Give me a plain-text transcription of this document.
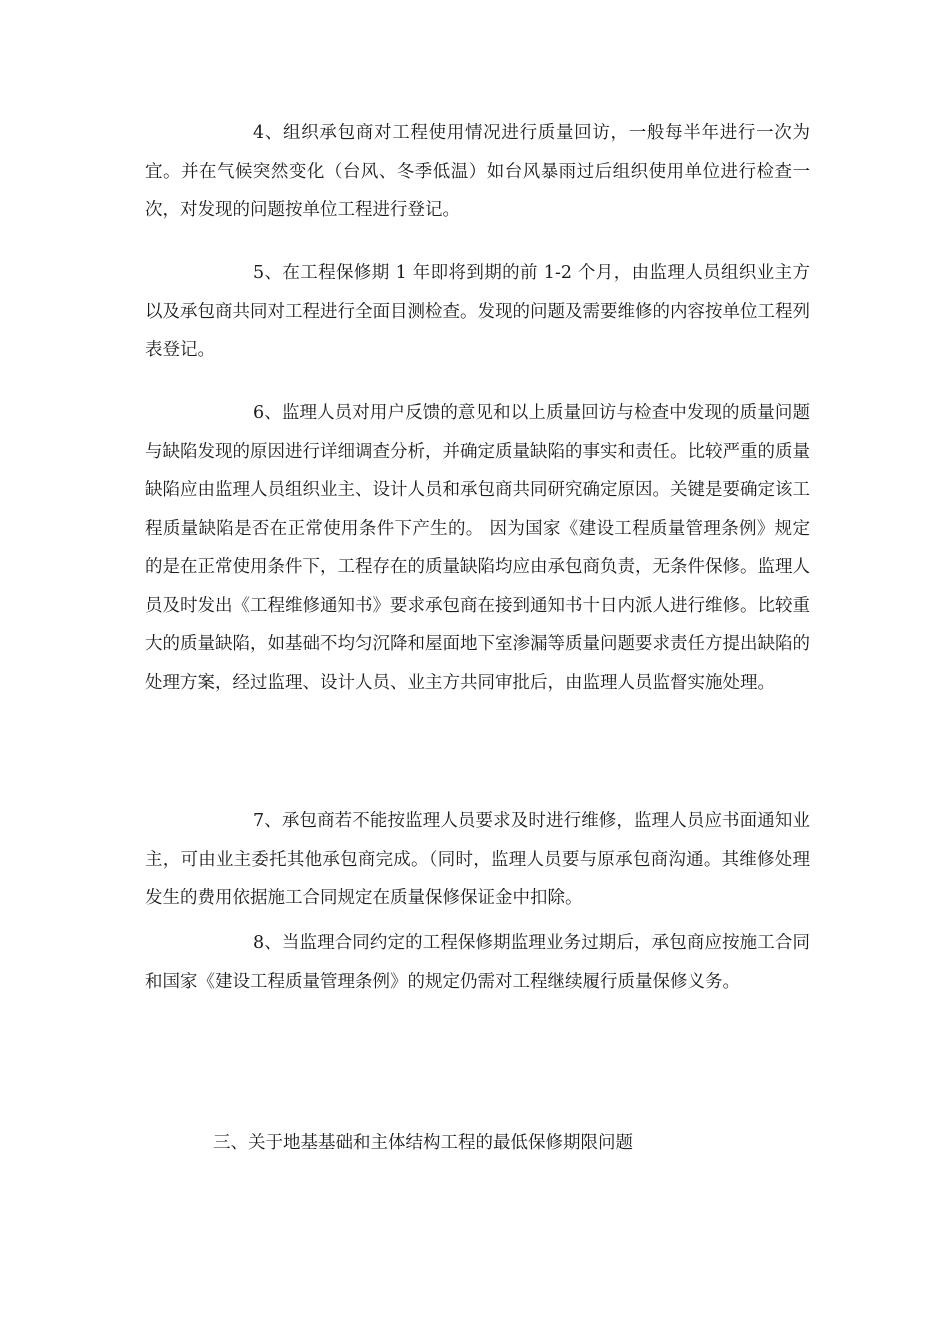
4、组织承包商对工程使用情况进行质量回访，一般每半年进行一次为宜。并在气候突然变化（台风、冬季低温）如台风暴雨过后组织使用单位进行检查一次，对发现的问题按单位工程进行登记。

5、在工程保修期 1 年即将到期的前 1-2 个月，由监理人员组织业主方以及承包商共同对工程进行全面目测检查。发现的问题及需要维修的内容按单位工程列表登记。

6、监理人员对用户反馈的意见和以上质量回访与检查中发现的质量问题与缺陷发现的原因进行详细调查分析，并确定质量缺陷的事实和责任。比较严重的质量缺陷应由监理人员组织业主、设计人员和承包商共同研究确定原因。关键是要确定该工程质量缺陷是否在正常使用条件下产生的。 因为国家《建设工程质量管理条例》规定的是在正常使用条件下，工程存在的质量缺陷均应由承包商负责，无条件保修。监理人员及时发出《工程维修通知书》要求承包商在接到通知书十日内派人进行维修。比较重大的质量缺陷，如基础不均匀沉降和屋面地下室渗漏等质量问题要求责任方提出缺陷的处理方案，经过监理、设计人员、业主方共同审批后，由监理人员监督实施处理。

7、承包商若不能按监理人员要求及时进行维修，监理人员应书面通知业主，可由业主委托其他承包商完成。（同时，监理人员要与原承包商沟通。其维修处理发生的费用依据施工合同规定在质量保修保证金中扣除。

8、当监理合同约定的工程保修期监理业务过期后，承包商应按施工合同和国家《建设工程质量管理条例》的规定仍需对工程继续履行质量保修义务。

三、关于地基基础和主体结构工程的最低保修期限问题
